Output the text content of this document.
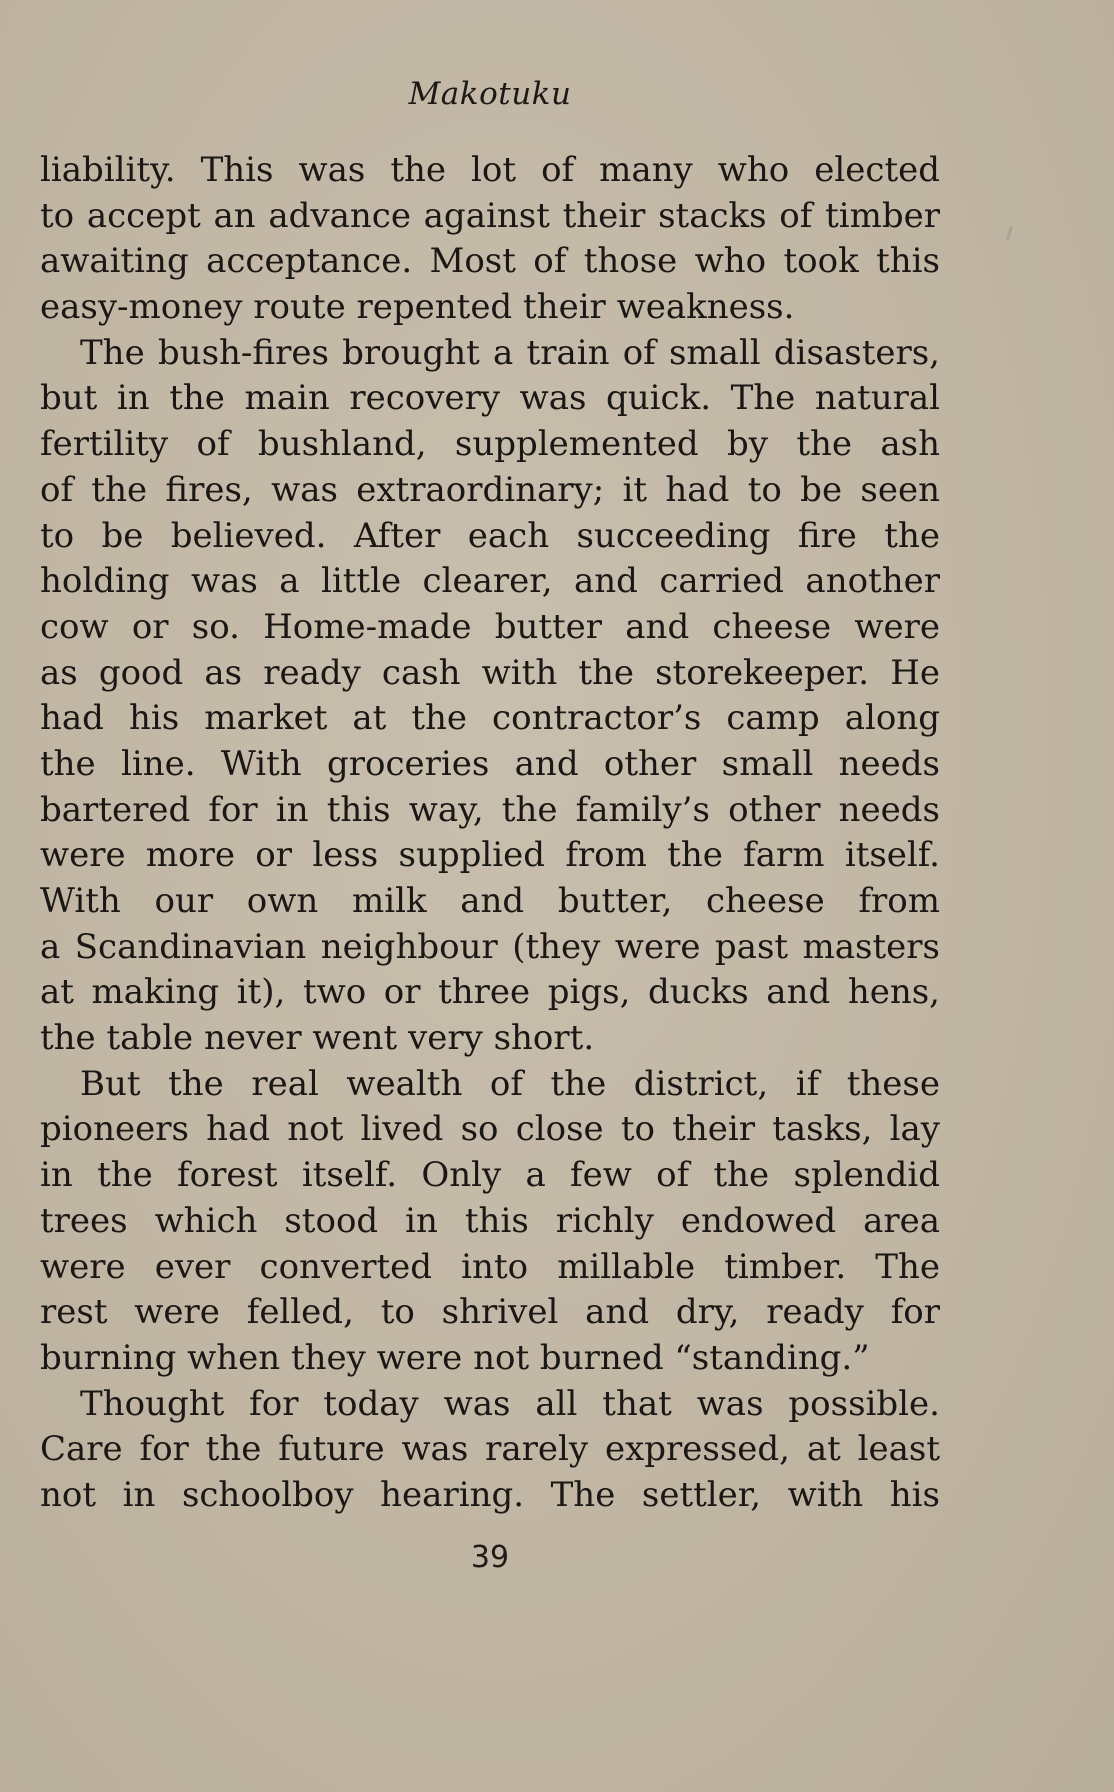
Makotuku
liability. This was the lot of many who elected
to accept an advance against their stacks of timber
awaiting acceptance. Most of those who took this
easy-money route repented their weakness.
The bush-fires brought a train of small disasters,
but in the main recovery was quick. The natural
fertility of bushland, supplemented by the ash
of the fires, was extraordinary; it had to be seen
to be believed. After each succeeding fire the
holding was a little clearer, and carried another
cow or so. Home-made butter and cheese were
as good as ready cash with the storekeeper. He
had his market at the contractor’s camp along
the line. With groceries and other small needs
bartered for in this way, the family’s other needs
were more or less supplied from the farm itself.
With our own milk and butter, cheese from
a Scandinavian neighbour (they were past masters
at making it), two or three pigs, ducks and hens,
the table never went very short.
But the real wealth of the district, if these
pioneers had not lived so close to their tasks, lay
in the forest itself. Only a few of the splendid
trees which stood in this richly endowed area
were ever converted into millable timber. The
rest were felled, to shrivel and dry, ready for
burning when they were not burned “standing.”
Thought for today was all that was possible.
Care for the future was rarely expressed, at least
not in schoolboy hearing. The settler, with his
39
